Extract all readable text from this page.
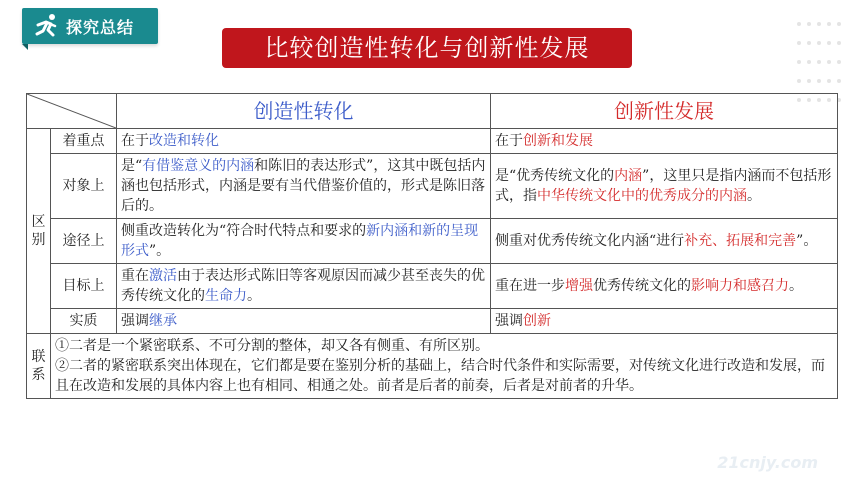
探究总结
比较创造性转化与创新性发展
	创造性转化	创新性发展
区别	着重点	在于改造和转化	在于创新和发展
	对象上	是“有借鉴意义的内涵和陈旧的表达形式”，这其中既包括内涵也包括形式，内涵是要有当代借鉴价值的，形式是陈旧落后的。	是“优秀传统文化的内涵”，这里只是指内涵而不包括形式，指中华传统文化中的优秀成分的内涵。
	途径上	侧重改造转化为“符合时代特点和要求的新内涵和新的呈现形式”。	侧重对优秀传统文化内涵“进行补充、拓展和完善”。
	目标上	重在激活由于表达形式陈旧等客观原因而减少甚至丧失的优秀传统文化的生命力。	重在进一步增强优秀传统文化的影响力和感召力。
	实质	强调继承	强调创新
联系	①二者是一个紧密联系、不可分割的整体，却又各有侧重、有所区别。
②二者的紧密联系突出体现在，它们都是要在鉴别分析的基础上，结合时代条件和实际需要，对传统文化进行改造和发展，而且在改造和发展的具体内容上也有相同、相通之处。前者是后者的前奏，后者是对前者的升华。		
21cnjy.com
